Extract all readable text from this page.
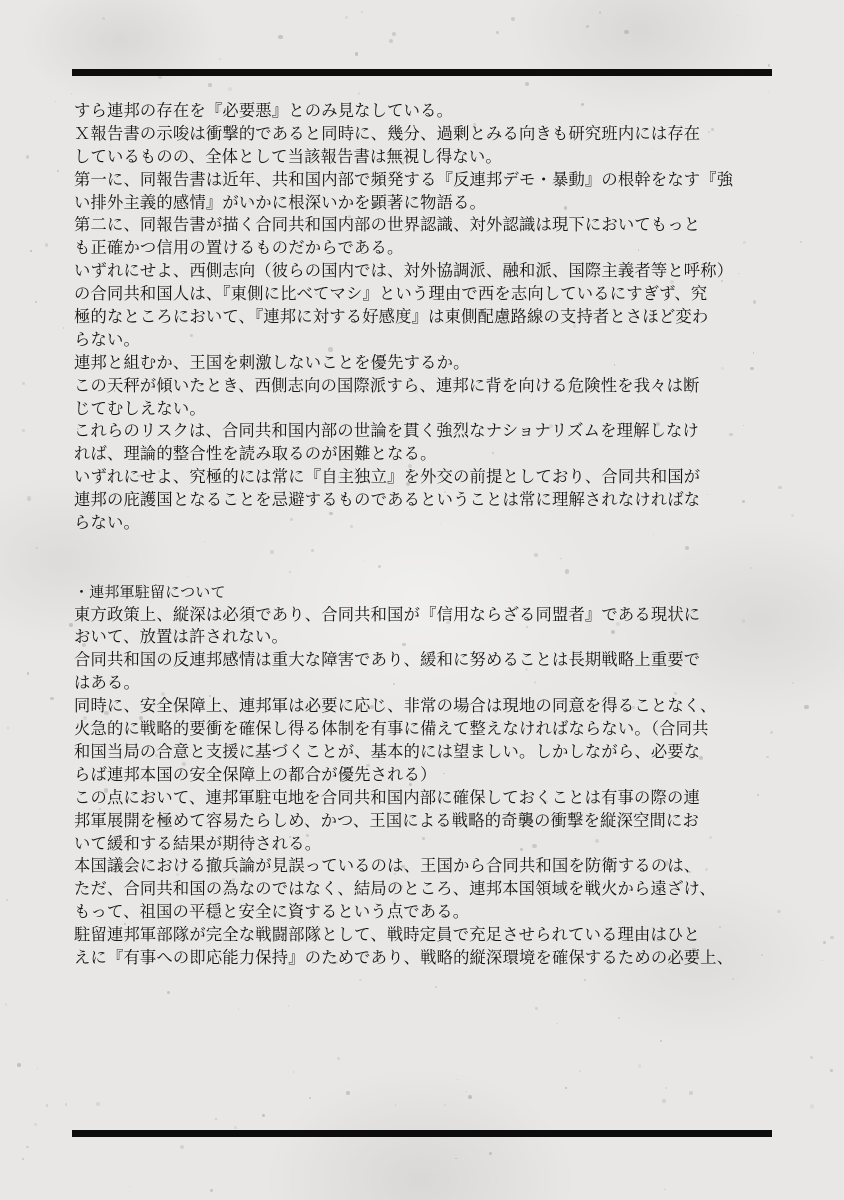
すら連邦の存在を『必要悪』とのみ見なしている。
Ｘ報告書の示唆は衝撃的であると同時に、幾分、過剰とみる向きも研究班内には存在
しているものの、全体として当該報告書は無視し得ない。
第一に、同報告書は近年、共和国内部で頻発する『反連邦デモ・暴動』の根幹をなす『強
い排外主義的感情』がいかに根深いかを顕著に物語る。
第二に、同報告書が描く合同共和国内部の世界認識、対外認識は現下においてもっと
も正確かつ信用の置けるものだからである。
いずれにせよ、西側志向（彼らの国内では、対外協調派、融和派、国際主義者等と呼称）
の合同共和国人は、『東側に比べてマシ』という理由で西を志向しているにすぎず、究
極的なところにおいて、『連邦に対する好感度』は東側配慮路線の支持者とさほど変わ
らない。
連邦と組むか、王国を刺激しないことを優先するか。
この天秤が傾いたとき、西側志向の国際派すら、連邦に背を向ける危険性を我々は断
じてむしえない。
これらのリスクは、合同共和国内部の世論を貫く強烈なナショナリズムを理解しなけ
れば、理論的整合性を読み取るのが困難となる。
いずれにせよ、究極的には常に『自主独立』を外交の前提としており、合同共和国が
連邦の庇護国となることを忌避するものであるということは常に理解されなければな
らない。
・連邦軍駐留について
東方政策上、縦深は必須であり、合同共和国が『信用ならざる同盟者』である現状に
おいて、放置は許されない。
合同共和国の反連邦感情は重大な障害であり、緩和に努めることは長期戦略上重要で
はある。
同時に、安全保障上、連邦軍は必要に応じ、非常の場合は現地の同意を得ることなく、
火急的に戦略的要衝を確保し得る体制を有事に備えて整えなければならない。（合同共
和国当局の合意と支援に基づくことが、基本的には望ましい。しかしながら、必要な
らば連邦本国の安全保障上の都合が優先される）
この点において、連邦軍駐屯地を合同共和国内部に確保しておくことは有事の際の連
邦軍展開を極めて容易たらしめ、かつ、王国による戦略的奇襲の衝撃を縦深空間にお
いて緩和する結果が期待される。
本国議会における撤兵論が見誤っているのは、王国から合同共和国を防衛するのは、
ただ、合同共和国の為なのではなく、結局のところ、連邦本国領域を戦火から遠ざけ、
もって、祖国の平穏と安全に資するという点である。
駐留連邦軍部隊が完全な戦闘部隊として、戦時定員で充足させられている理由はひと
えに『有事への即応能力保持』のためであり、戦略的縦深環境を確保するための必要上、
